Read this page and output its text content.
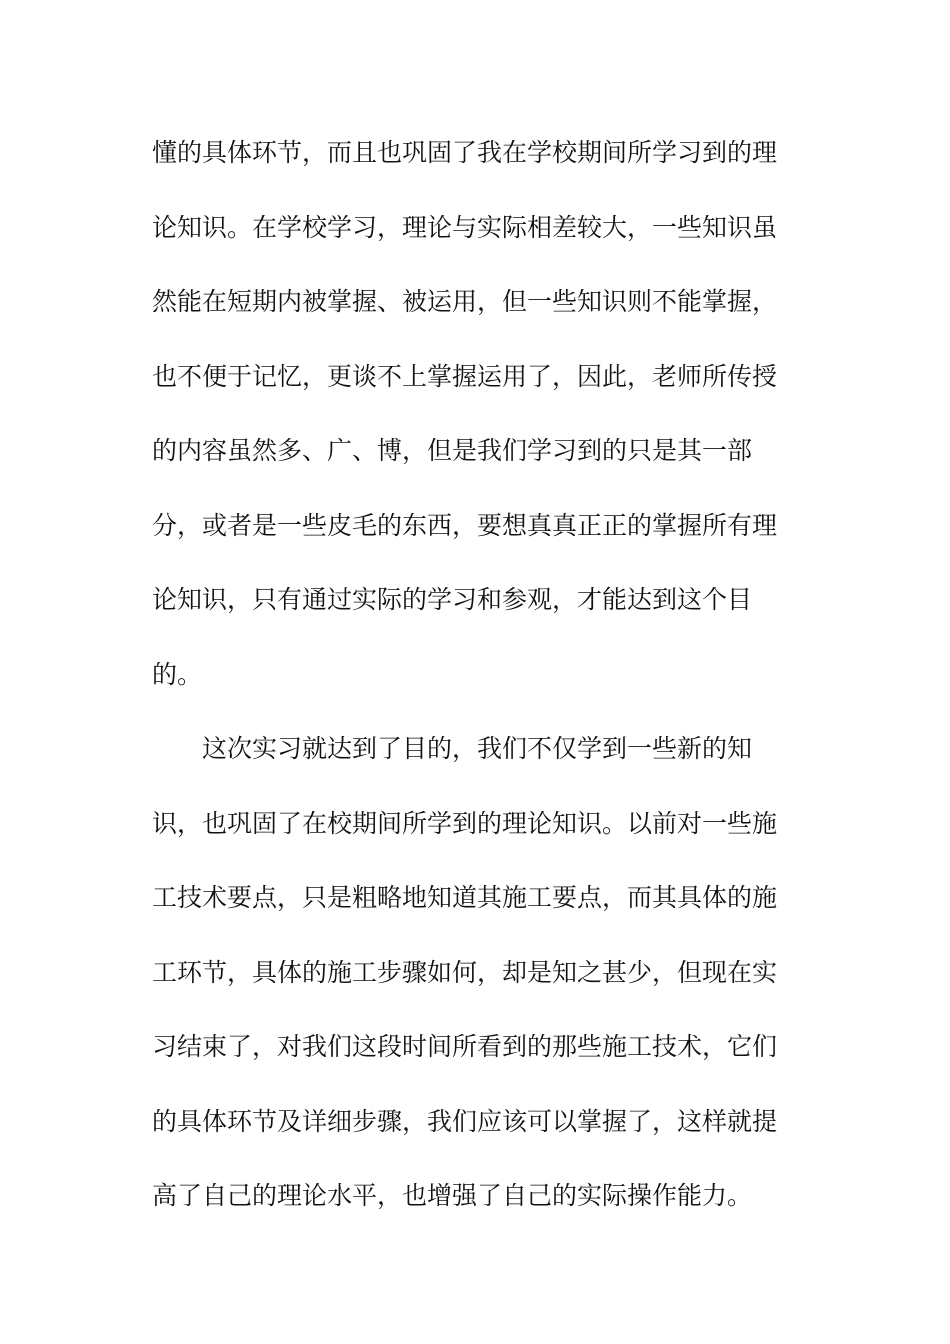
懂的具体环节，而且也巩固了我在学校期间所学习到的理
论知识。在学校学习，理论与实际相差较大，一些知识虽
然能在短期内被掌握、被运用，但一些知识则不能掌握，
也不便于记忆，更谈不上掌握运用了，因此，老师所传授
的内容虽然多、广、博，但是我们学习到的只是其一部
分，或者是一些皮毛的东西，要想真真正正的掌握所有理
论知识，只有通过实际的学习和参观，才能达到这个目
的。
这次实习就达到了目的，我们不仅学到一些新的知
识，也巩固了在校期间所学到的理论知识。以前对一些施
工技术要点，只是粗略地知道其施工要点，而其具体的施
工环节，具体的施工步骤如何，却是知之甚少，但现在实
习结束了，对我们这段时间所看到的那些施工技术，它们
的具体环节及详细步骤，我们应该可以掌握了，这样就提
高了自己的理论水平，也增强了自己的实际操作能力。
